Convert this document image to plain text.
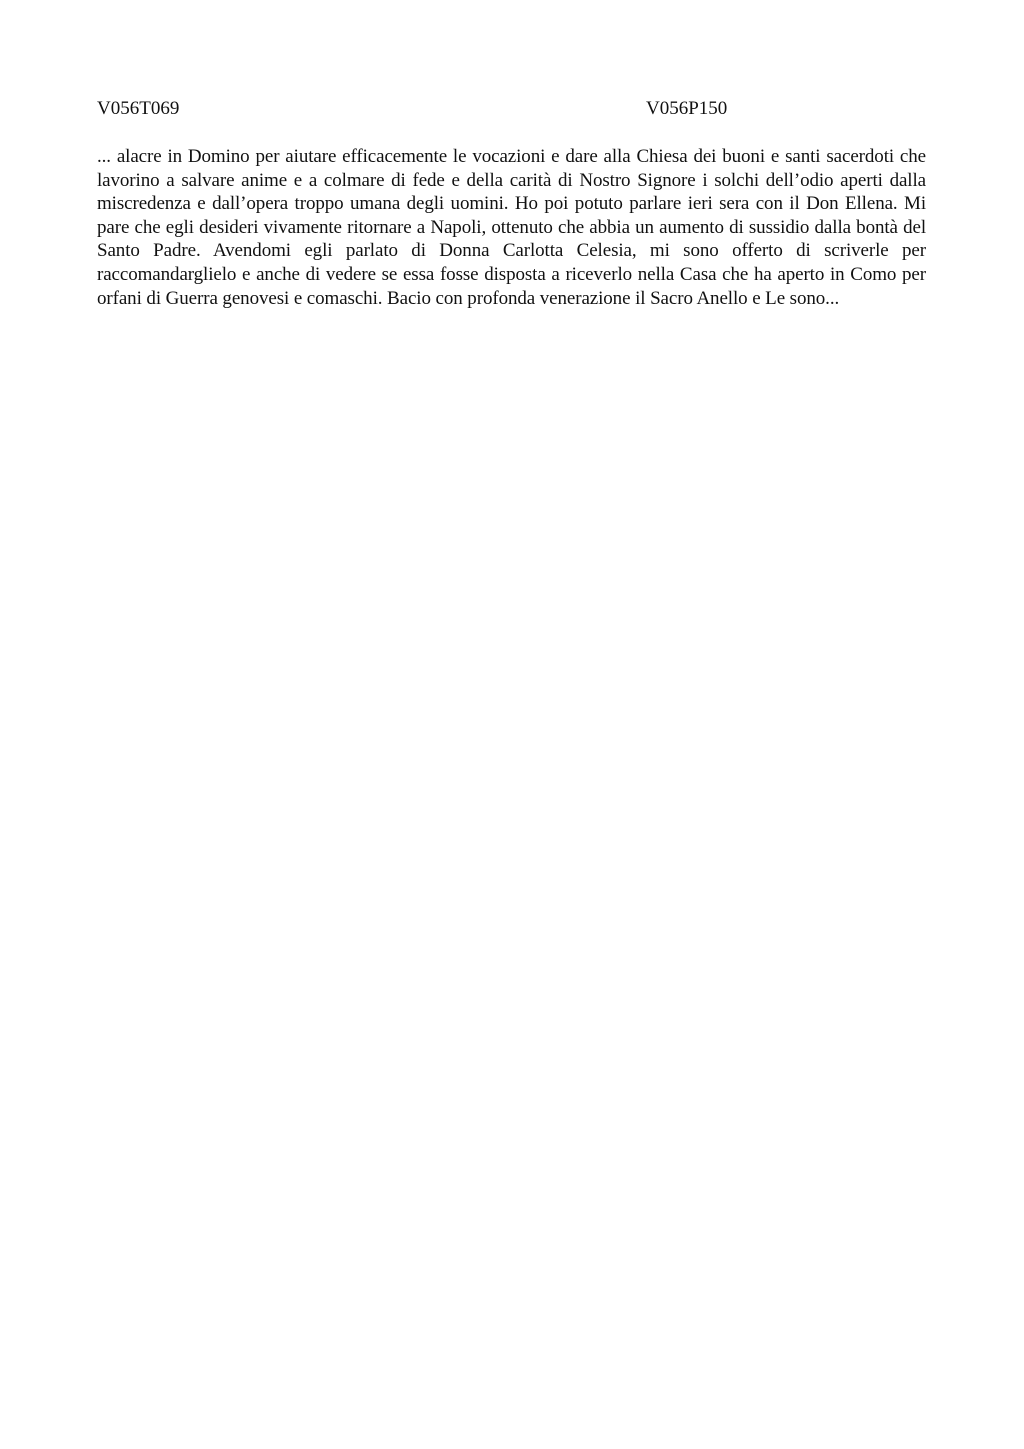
V056T069	V056P150

... alacre in Domino per aiutare efficacemente le vocazioni e dare alla Chiesa dei buoni e santi sacerdoti che lavorino a salvare anime e a colmare di fede e della carità di Nostro Signore i solchi dell’odio aperti dalla miscredenza e dall’opera troppo umana degli uomini. Ho poi potuto parlare ieri sera con il Don Ellena. Mi pare che egli desideri vivamente ritornare a Napoli, ottenuto che abbia un aumento di sussidio dalla bontà del Santo Padre. Avendomi egli parlato di Donna Carlotta Celesia, mi sono offerto di scriverle per raccomandarglielo e anche di vedere se essa fosse disposta a riceverlo nella Casa che ha aperto in Como per orfani di Guerra genovesi e comaschi. Bacio con profonda venerazione il Sacro Anello e Le sono...
